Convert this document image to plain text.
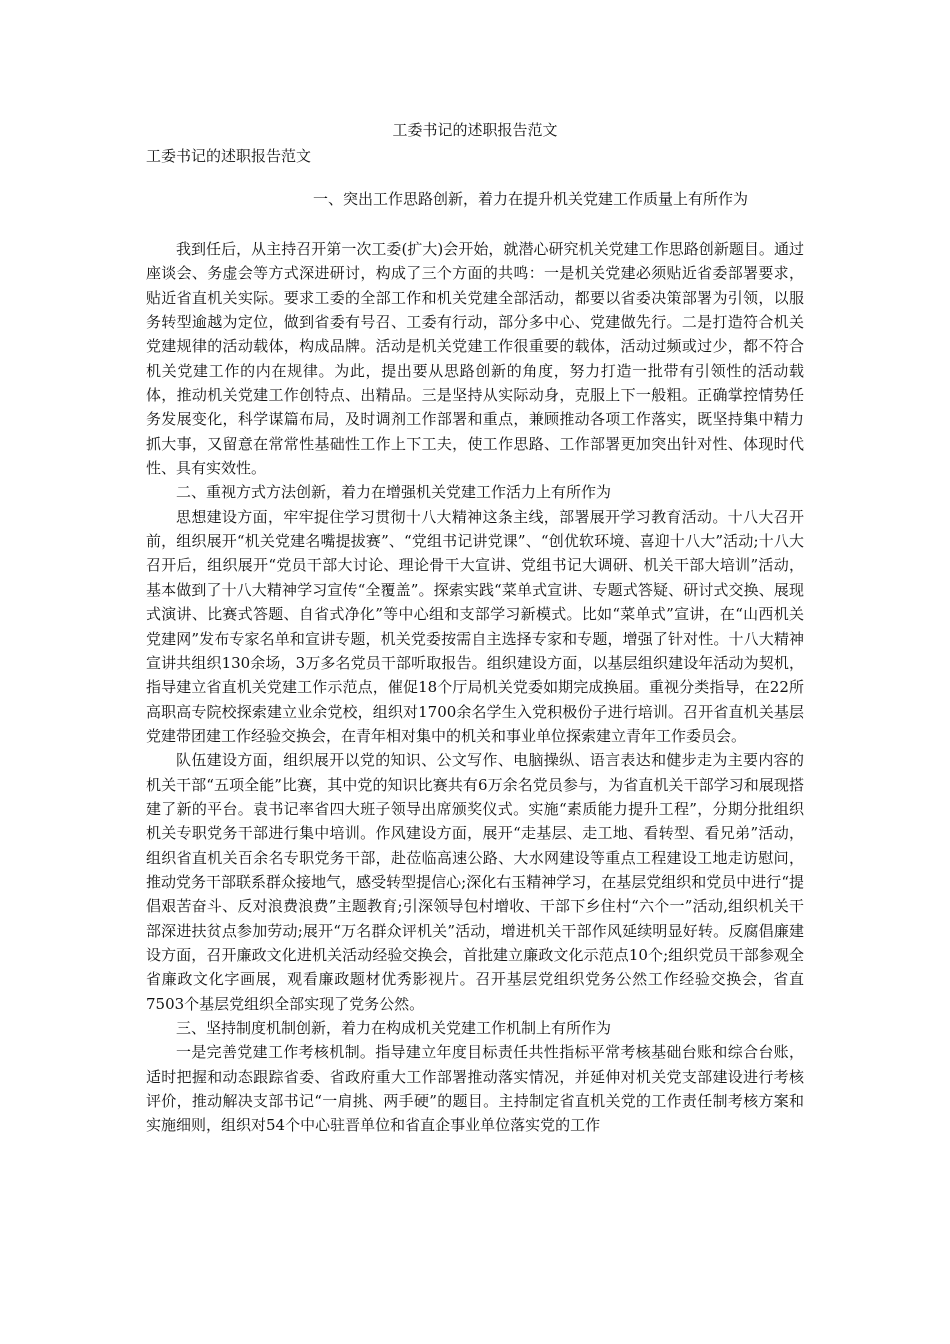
工委书记的述职报告范文
工委书记的述职报告范文
一、突出工作思路创新，着力在提升机关党建工作质量上有所作为

我到任后，从主持召开第一次工委(扩大)会开始，就潜心研究机关党建工作思路创新题目。通过座谈会、务虚会等方式深进研讨，构成了三个方面的共鸣：一是机关党建必须贴近省委部署要求，贴近省直机关实际。要求工委的全部工作和机关党建全部活动，都要以省委决策部署为引领，以服务转型逾越为定位，做到省委有号召、工委有行动，部分多中心、党建做先行。二是打造符合机关党建规律的活动载体，构成品牌。活动是机关党建工作很重要的载体，活动过频或过少，都不符合机关党建工作的内在规律。为此，提出要从思路创新的角度，努力打造一批带有引领性的活动载体，推动机关党建工作创特点、出精品。三是坚持从实际动身，克服上下一般粗。正确掌控情势任务发展变化，科学谋篇布局，及时调剂工作部署和重点，兼顾推动各项工作落实，既坚持集中精力抓大事，又留意在常常性基础性工作上下工夫，使工作思路、工作部署更加突出针对性、体现时代性、具有实效性。

二、重视方式方法创新，着力在增强机关党建工作活力上有所作为

思想建设方面，牢牢捉住学习贯彻十八大精神这条主线，部署展开学习教育活动。十八大召开前，组织展开“机关党建名嘴提拔赛”、“党组书记讲党课”、“创优软环境、喜迎十八大”活动;十八大召开后，组织展开“党员干部大讨论、理论骨干大宣讲、党组书记大调研、机关干部大培训”活动，基本做到了十八大精神学习宣传“全覆盖”。探索实践“菜单式宣讲、专题式答疑、研讨式交换、展现式演讲、比赛式答题、自省式净化”等中心组和支部学习新模式。比如“菜单式”宣讲，在“山西机关党建网”发布专家名单和宣讲专题，机关党委按需自主选择专家和专题，增强了针对性。十八大精神宣讲共组织130余场，3万多名党员干部听取报告。组织建设方面，以基层组织建设年活动为契机，指导建立省直机关党建工作示范点，催促18个厅局机关党委如期完成换届。重视分类指导，在22所高职高专院校探索建立业余党校，组织对1700余名学生入党积极份子进行培训。召开省直机关基层党建带团建工作经验交换会，在青年相对集中的机关和事业单位探索建立青年工作委员会。

队伍建设方面，组织展开以党的知识、公文写作、电脑操纵、语言表达和健步走为主要内容的机关干部“五项全能”比赛，其中党的知识比赛共有6万余名党员参与，为省直机关干部学习和展现搭建了新的平台。袁书记率省四大班子领导出席颁奖仪式。实施“素质能力提升工程”，分期分批组织机关专职党务干部进行集中培训。作风建设方面，展开“走基层、走工地、看转型、看兄弟”活动，组织省直机关百余名专职党务干部，赴莅临高速公路、大水网建设等重点工程建设工地走访慰问，推动党务干部联系群众接地气，感受转型提信心;深化右玉精神学习，在基层党组织和党员中进行“提倡艰苦奋斗、反对浪费浪费”主题教育;引深领导包村增收、干部下乡住村“六个一”活动,组织机关干部深进扶贫点参加劳动;展开“万名群众评机关”活动，增进机关干部作风延续明显好转。反腐倡廉建设方面，召开廉政文化进机关活动经验交换会，首批建立廉政文化示范点10个;组织党员干部参观全省廉政文化字画展，观看廉政题材优秀影视片。召开基层党组织党务公然工作经验交换会，省直7503个基层党组织全部实现了党务公然。

三、坚持制度机制创新，着力在构成机关党建工作机制上有所作为

一是完善党建工作考核机制。指导建立年度目标责任共性指标平常考核基础台账和综合台账，适时把握和动态跟踪省委、省政府重大工作部署推动落实情况，并延伸对机关党支部建设进行考核评价，推动解决支部书记“一肩挑、两手硬”的题目。主持制定省直机关党的工作责任制考核方案和实施细则，组织对54个中心驻晋单位和省直企事业单位落实党的工作
